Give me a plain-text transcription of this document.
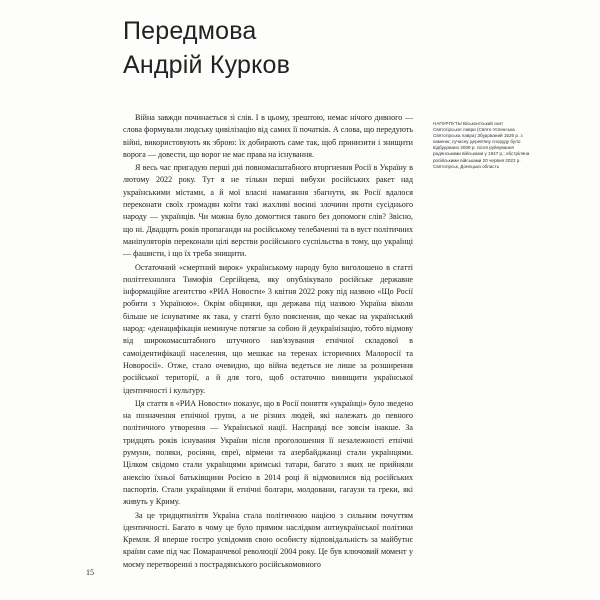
Передмова
Андрій Курков

Війна завжди починається зі слів. І в цьому, зрештою, немає нічого дивного — слова формували людську цивілізацію від самих її початків. А слова, що передують війні, використовують як зброю: їх добирають саме так, щоб принизити і знищити ворога — довести, що ворог не має права на існування.

Я весь час пригадую перші дні повномасштабного вторгнення Росії в Україну в лютому 2022 року. Тут я не тільки перші вибухи російських ракет над українськими містами, а й мої власні намагання збагнути, як Росії вдалося переконати своїх громадян коїти такі жахливі воєнні злочини проти сусіднього народу — українців. Чи можна було домогтися такого без допомоги слів? Звісно, що ні. Двадцять років пропаганди на російському телебаченні та в вуст політичних маніпуляторів переконали цілі верстви російського суспільства в тому, що українці — фашисти, і що їх треба знищити.

Остаточний «смертний вирок» українському народу було виголошено в статті політтехнолога Тимофія Сергійцева, яку опублікувало російське державне інформаційне агентство «РИА Новости» 3 квітня 2022 року під назвою «Що Росії робити з Україною». Окрім обіцянки, що держава під назвою Україна віколи більше не існуватиме як така, у статті було пояснення, що чекає на український народ: «денацифікація неминуче потягне за собою й деукраїнізацію, тобто відмову від широкомасштабного штучного нав'язування етнічної складової в самоідентифікації населення, що мешкає на теренах історичних Малоросії та Новоросії». Отже, стало очевидно, що війна ведеться не лише за розширення російської території, а й для того, щоб остаточно винищити української ідентичності і культуру.

Ця стаття в «РИА Новости» показує, що в Росії поняття «українці» було зведено на позначення етнічної групи, а не різних людей, які належать до певного політичного утворення — Української нації. Насправді все зовсім інакше. За тридцять років існування України після проголошення її незалежності етнічні румуни, поляки, росіяни, євреї, вірмени та азербайджанці стали українцями. Цілком свідомо стали українцями кримські татари, багато з яких не прийняли анексію їхньої батьківщини Росією в 2014 році й відмовилися від російських паспортів. Стали українцями й етнічні болгари, молдовани, гагаузи та греки, які живуть у Криму.

За це тридцятиліття Україна стала політичною нацією з сильним почуттям ідентичності. Багато в чому це було прямим наслідком антиукраїнської політики Кремля. Я вперше гостро усвідомив свою особисту відповідальність за майбутнє країни саме під час Помаранчевої революції 2004 року. Це був ключовий момент у моєму перетворенні з пострадянського російськомовного

НАПУРПУТЫ Віськонтський скит Святогірської лаври (Свято-Успенська Святогірська лавра) Збудований 1526 р. з каменю; сучасну дерев'яну споруду було відбудовано 2009 р. після руйнування радянськими військами у 1947 р.; обстріляна російськими військами 20 червня 2022 р. Святогірськ, Донецька область
15
